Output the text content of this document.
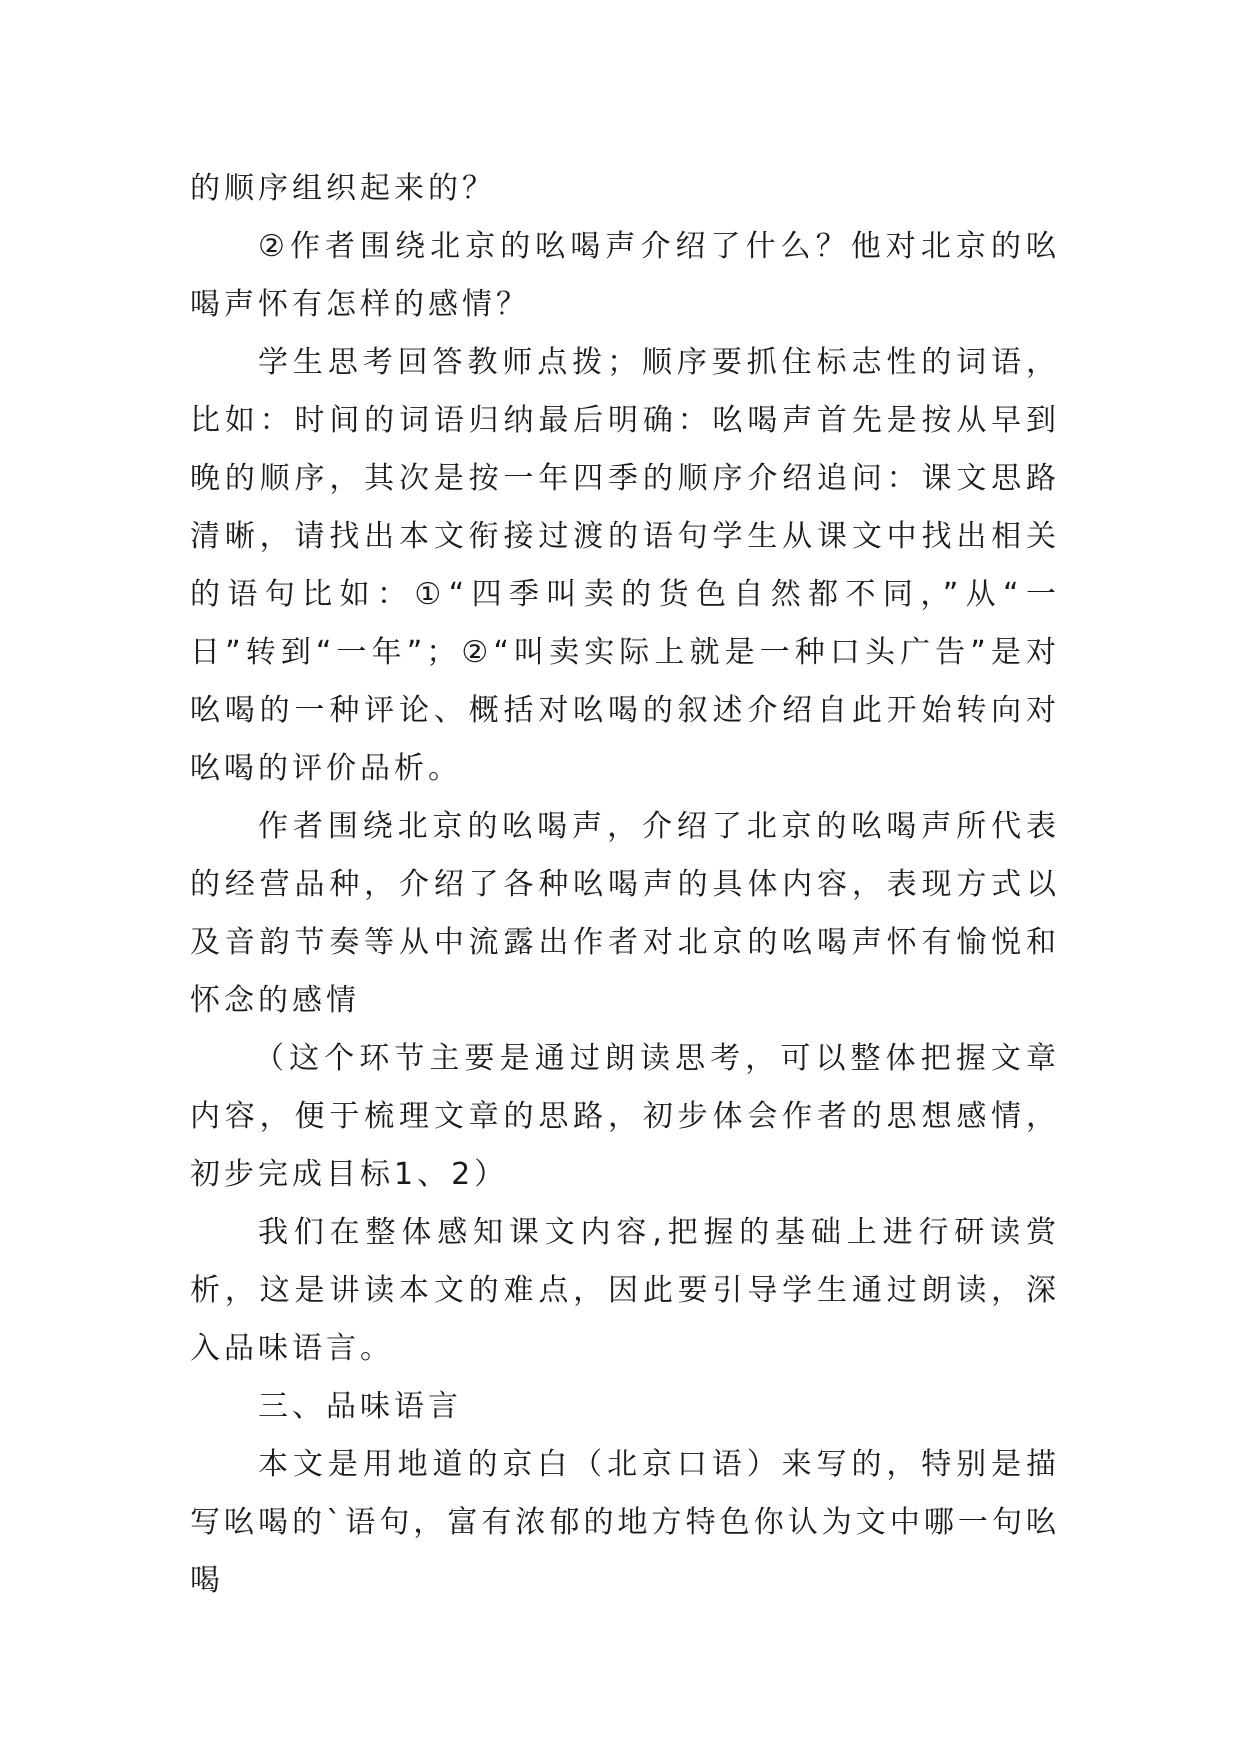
的顺序组织起来的？

②作者围绕北京的吆喝声介绍了什么？他对北京的吆喝声怀有怎样的感情？

学生思考回答教师点拨；顺序要抓住标志性的词语，比如：时间的词语归纳最后明确：吆喝声首先是按从早到晚的顺序，其次是按一年四季的顺序介绍追问：课文思路清晰，请找出本文衔接过渡的语句学生从课文中找出相关的语句比如：①“四季叫卖的货色自然都不同，”从“一日”转到“一年”；②“叫卖实际上就是一种口头广告”是对吆喝的一种评论、概括对吆喝的叙述介绍自此开始转向对吆喝的评价品析。

作者围绕北京的吆喝声，介绍了北京的吆喝声所代表的经营品种，介绍了各种吆喝声的具体内容，表现方式以及音韵节奏等从中流露出作者对北京的吆喝声怀有愉悦和怀念的感情

（这个环节主要是通过朗读思考，可以整体把握文章内容，便于梳理文章的思路，初步体会作者的思想感情，初步完成目标1、2）

我们在整体感知课文内容,把握的基础上进行研读赏析，这是讲读本文的难点，因此要引导学生通过朗读，深入品味语言。

三、品味语言

本文是用地道的京白（北京口语）来写的，特别是描写吆喝的`语句，富有浓郁的地方特色你认为文中哪一句吆喝
